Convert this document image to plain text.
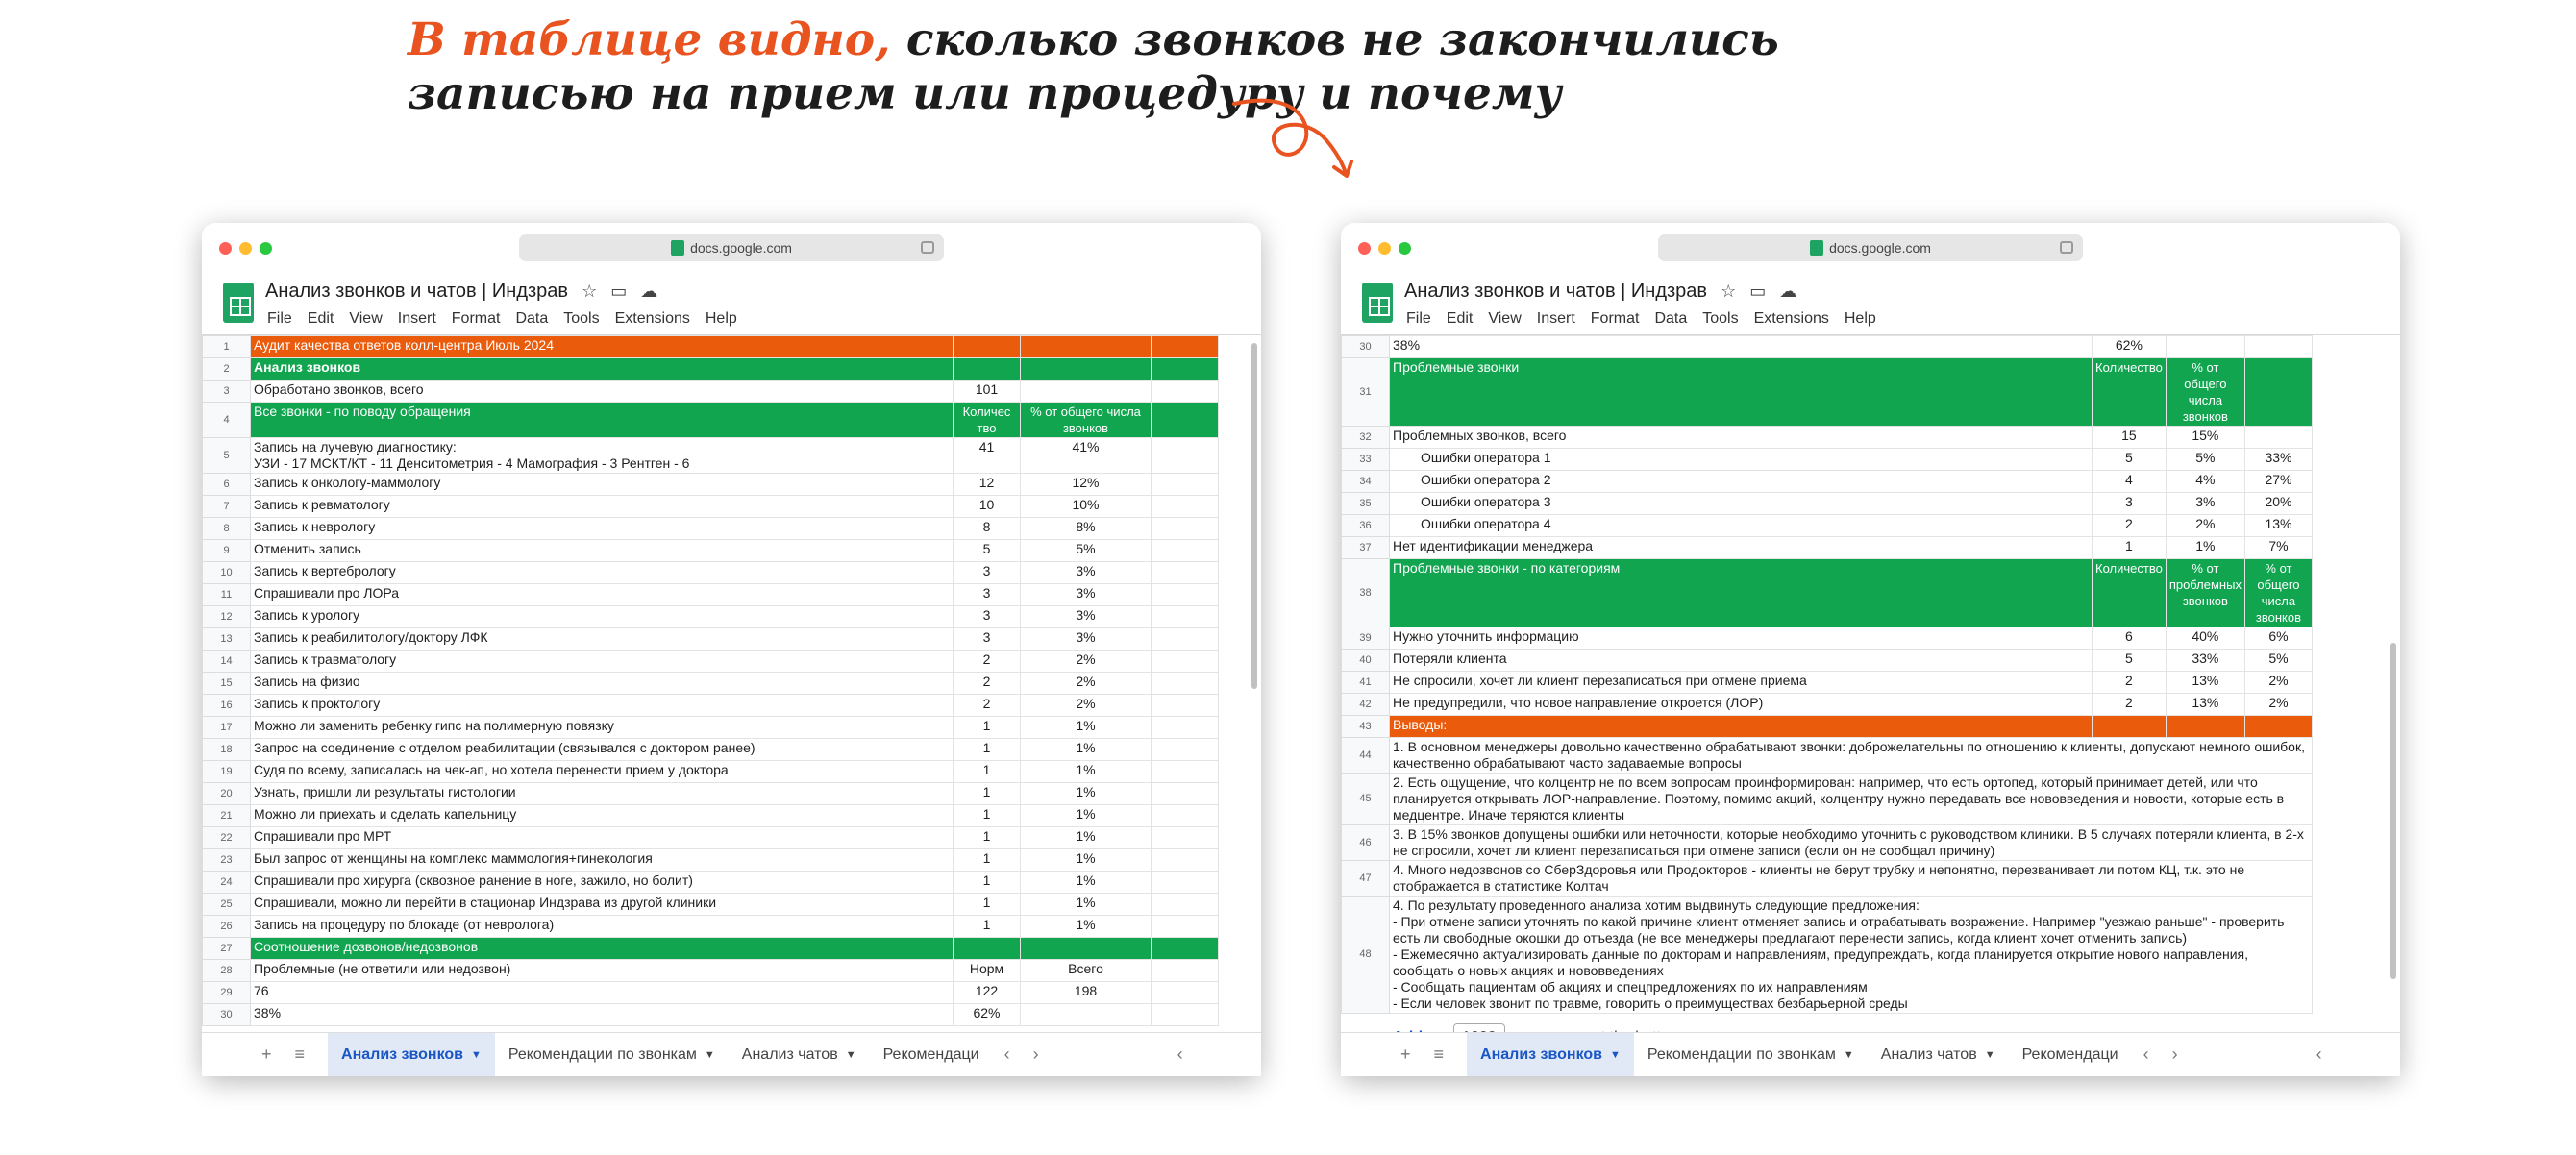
В таблице видно, сколько звонков не закончились
записью на прием или процедуру и почему
docs.google.com
Анализ звонков и чатов | Индзрав ☆ ▭ ☁
File Edit View Insert Format Data Tools Extensions Help
1	Аудит качества ответов колл-центра Июль 2024			
2	Анализ звонков			
3	Обработано звонков, всего	101		
4	Все звонки - по поводу обращения	Количес тво	% от общего числа звонков	
5	Запись на лучевую диагностику:
УЗИ - 17 МСКТ/КТ - 11 Денситометрия - 4 Мамография - 3 Рентген - 6	41	41%	
6	Запись к онкологу-маммологу	12	12%	
7	Запись к ревматологу	10	10%	
8	Запись к неврологу	8	8%	
9	Отменить запись	5	5%	
10	Запись к вертебрологу	3	3%	
11	Спрашивали про ЛОРа	3	3%	
12	Запись к урологу	3	3%	
13	Запись к реабилитологу/доктору ЛФК	3	3%	
14	Запись к травматологу	2	2%	
15	Запись на физио	2	2%	
16	Запись к проктологу	2	2%	
17	Можно ли заменить ребенку гипс на полимерную повязку	1	1%	
18	Запрос на соединение с отделом реабилитации (связывался с доктором ранее)	1	1%	
19	Судя по всему, записалась на чек-ап, но хотела перенести прием у доктора	1	1%	
20	Узнать, пришли ли результаты гистологии	1	1%	
21	Можно ли приехать и сделать капельницу	1	1%	
22	Спрашивали про МРТ	1	1%	
23	Был запрос от женщины на комплекс маммология+гинекология	1	1%	
24	Спрашивали про хирурга (сквозное ранение в ноге, зажило, но болит)	1	1%	
25	Спрашивали, можно ли перейти в стационар Индзрава из другой клиники	1	1%	
26	Запись на процедуру по блокаде (от невролога)	1	1%	
27	Соотношение дозвонов/недозвонов			
28	Проблемные (не ответили или недозвон)	Норм	Всего	
29	76	122	198	
30	38%	62%		
+	≡	Анализ звонков ▼ Рекомендации по звонкам ▼ Анализ чатов ▼ Рекомендаци	‹	›	‹
docs.google.com
Анализ звонков и чатов | Индзрав ☆ ▭ ☁
File Edit View Insert Format Data Tools Extensions Help
30	38%	62%		
31	Проблемные звонки	Количество	% от общего числа звонков	
32	Проблемных звонков, всего	15	15%	
33	Ошибки оператора 1	5	5%	33%
34	Ошибки оператора 2	4	4%	27%
35	Ошибки оператора 3	3	3%	20%
36	Ошибки оператора 4	2	2%	13%
37	Нет идентификации менеджера	1	1%	7%
38	Проблемные звонки - по категориям	Количество	% от проблемных звонков	% от общего числа звонков
39	Нужно уточнить информацию	6	40%	6%
40	Потеряли клиента	5	33%	5%
41	Не спросили, хочет ли клиент перезаписаться при отмене приема	2	13%	2%
42	Не предупредили, что новое направление откроется (ЛОР)	2	13%	2%
43	Выводы:			
44	1. В основном менеджеры довольно качественно обрабатывают звонки: доброжелательны по отношению к клиенты, допускают немного ошибок, качественно обрабатывают часто задаваемые вопросы			
45	2. Есть ощущение, что колцентр не по всем вопросам проинформирован: например, что есть ортопед, который принимает детей, или что планируется открывать ЛОР-направление. Поэтому, помимо акций, колцентру нужно передавать все нововведения и новости, которые есть в медцентре. Иначе теряются клиенты			
46	3. В 15% звонков допущены ошибки или неточности, которые необходимо уточнить с руководством клиники. В 5 случаях потеряли клиента, в 2-х не спросили, хочет ли клиент перезаписаться при отмене записи (если он не сообщал причину)			
47	4. Много недозвонов со СберЗдоровья или Продокторов - клиенты не берут трубку и непонятно, перезванивает ли потом КЦ, т.к. это не отображается в статистике Колтач			
48	4. По результату проведенного анализа хотим выдвинуть следующие предложения:
- При отмене записи уточнять по какой причине клиент отменяет запись и отрабатывать возражение. Например "уезжаю раньше" - проверить есть ли свободные окошки до отъезда (не все менеджеры предлагают перенести запись, когда клиент хочет отменить запись)
- Ежемесячно актуализировать данные по докторам и направлениям, предупреждать, когда планируется открытие нового направления, сообщать о новых акциях и нововведениях
- Сообщать пациентам об акциях и спецпредложениях по их направлениям
- Если человек звонит по травме, говорить о преимуществах безбарьерной среды			
+	≡	Анализ звонков ▼ Рекомендации по звонкам ▼ Анализ чатов ▼ Рекомендаци	‹	›	‹
